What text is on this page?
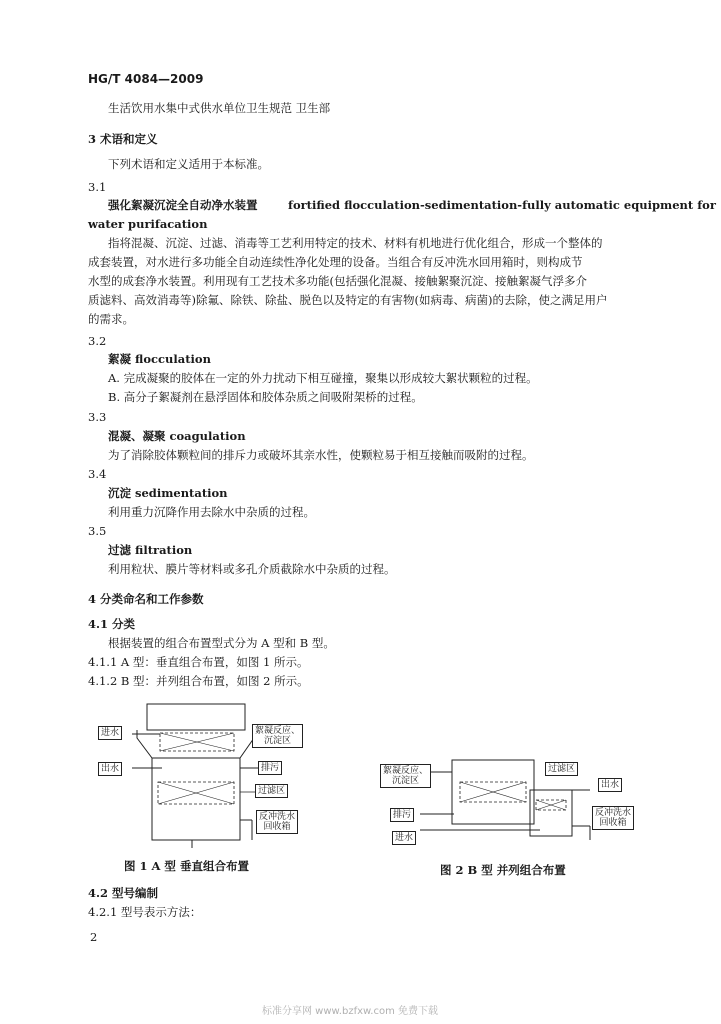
HG/T 4084—2009
生活饮用水集中式供水单位卫生规范 卫生部
3 术语和定义
下列术语和定义适用于本标准。
3.1
强化絮凝沉淀全自动净水装置	fortified flocculation-sedimentation-fully automatic equipment for
water purifacation
指将混凝、沉淀、过滤、消毒等工艺利用特定的技术、材料有机地进行优化组合，形成一个整体的
成套装置，对水进行多功能全自动连续性净化处理的设备。当组合有反冲洗水回用箱时，则构成节
水型的成套净水装置。利用现有工艺技术多功能(包括强化混凝、接触絮聚沉淀、接触絮凝气浮多介
质滤料、高效消毒等)除氟、除铁、除盐、脱色以及特定的有害物(如病毒、病菌)的去除，使之满足用户
的需求。
3.2
絮凝 flocculation
A. 完成凝聚的胶体在一定的外力扰动下相互碰撞，聚集以形成较大絮状颗粒的过程。
B. 高分子絮凝剂在悬浮固体和胶体杂质之间吸附架桥的过程。
3.3
混凝、凝聚 coagulation
为了消除胶体颗粒间的排斥力或破坏其亲水性，使颗粒易于相互接触而吸附的过程。
3.4
沉淀 sedimentation
利用重力沉降作用去除水中杂质的过程。
3.5
过滤 filtration
利用粒状、膜片等材料或多孔介质截除水中杂质的过程。
4 分类命名和工作参数
4.1 分类
根据装置的组合布置型式分为 A 型和 B 型。
4.1.1 A 型：垂直组合布置，如图 1 所示。
4.1.2 B 型：并列组合布置，如图 2 所示。
进水
出水
絮凝反应、
沉淀区
排污
过滤区
反冲洗水
回收箱
图 1 A 型 垂直组合布置
絮凝反应、
沉淀区
排污
进水
过滤区
出水
反冲洗水
回收箱
图 2 B 型 并列组合布置
4.2 型号编制
4.2.1 型号表示方法：
2
标准分享网 www.bzfxw.com 免费下载
